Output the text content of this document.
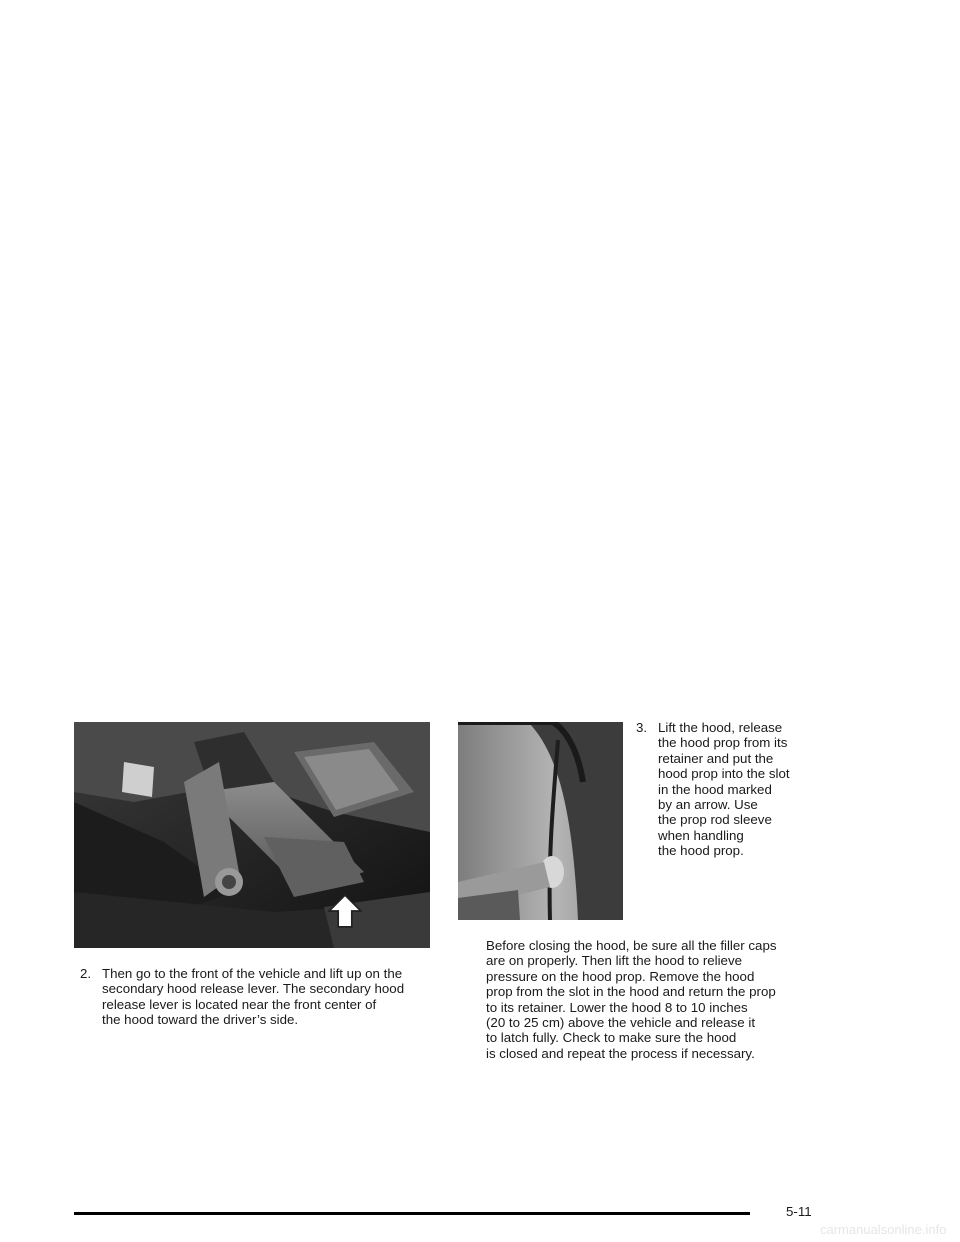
2. Then go to the front of the vehicle and lift up on the
secondary hood release lever. The secondary hood
release lever is located near the front center of
the hood toward the driver’s side.
3. Lift the hood, release
the hood prop from its
retainer and put the
hood prop into the slot
in the hood marked
by an arrow. Use
the prop rod sleeve
when handling
the hood prop.

Before closing the hood, be sure all the filler caps
are on properly. Then lift the hood to relieve
pressure on the hood prop. Remove the hood
prop from the slot in the hood and return the prop
to its retainer. Lower the hood 8 to 10 inches
(20 to 25 cm) above the vehicle and release it
to latch fully. Check to make sure the hood
is closed and repeat the process if necessary.

5-11
carmanualsonline.info
